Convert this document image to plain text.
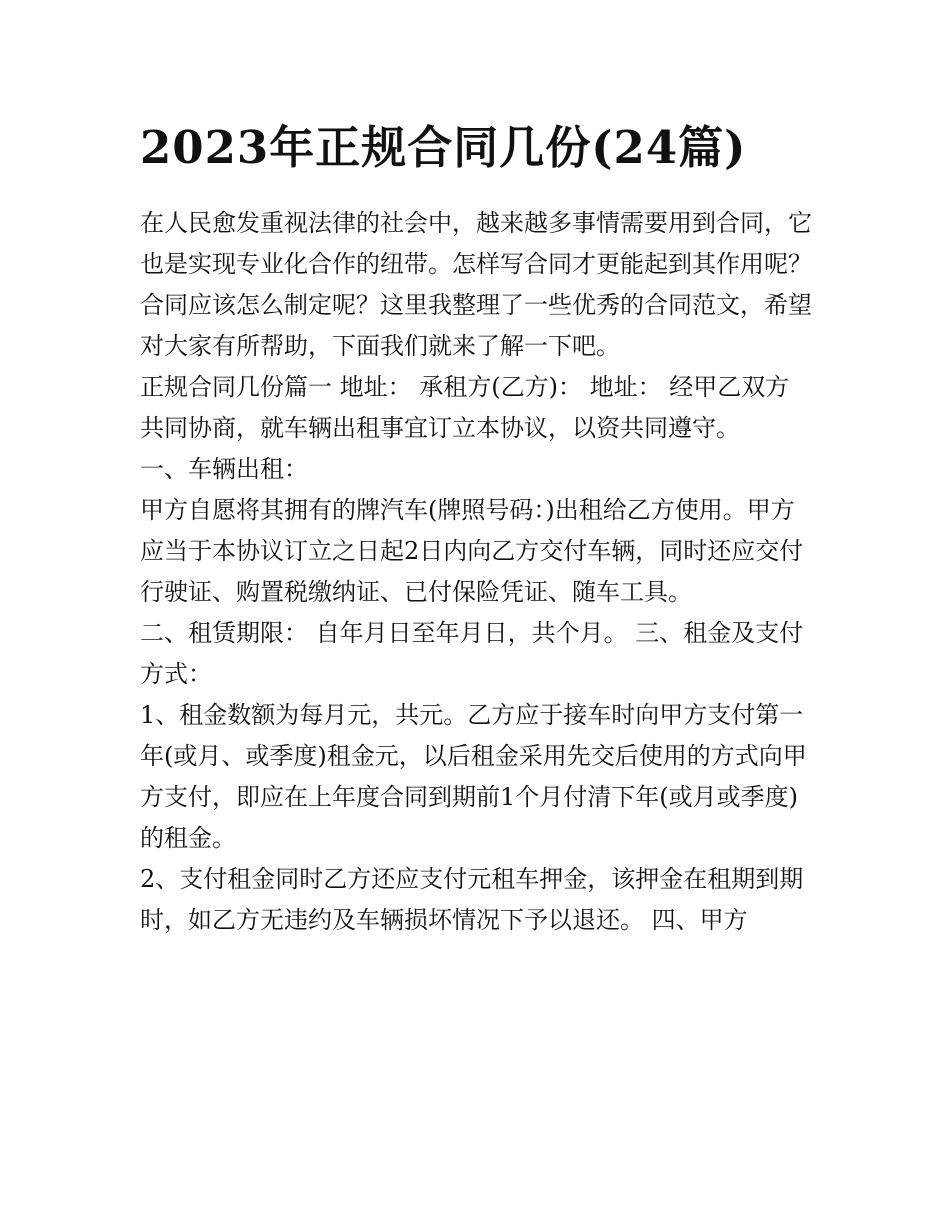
2023年正规合同几份(24篇)

在人民愈发重视法律的社会中，越来越多事情需要用到合同，它也是实现专业化合作的纽带。怎样写合同才更能起到其作用呢？合同应该怎么制定呢？这里我整理了一些优秀的合同范文，希望对大家有所帮助，下面我们就来了解一下吧。

正规合同几份篇一 地址： 承租方(乙方)： 地址： 经甲乙双方共同协商，就车辆出租事宜订立本协议，以资共同遵守。

一、车辆出租：

甲方自愿将其拥有的牌汽车(牌照号码：)出租给乙方使用。甲方应当于本协议订立之日起2日内向乙方交付车辆，同时还应交付行驶证、购置税缴纳证、已付保险凭证、随车工具。

二、租赁期限： 自年月日至年月日，共个月。 三、租金及支付方式：

1、租金数额为每月元，共元。乙方应于接车时向甲方支付第一年(或月、或季度)租金元，以后租金采用先交后使用的方式向甲方支付，即应在上年度合同到期前1个月付清下年(或月或季度)的租金。

2、支付租金同时乙方还应支付元租车押金，该押金在租期到期时，如乙方无违约及车辆损坏情况下予以退还。 四、甲方
